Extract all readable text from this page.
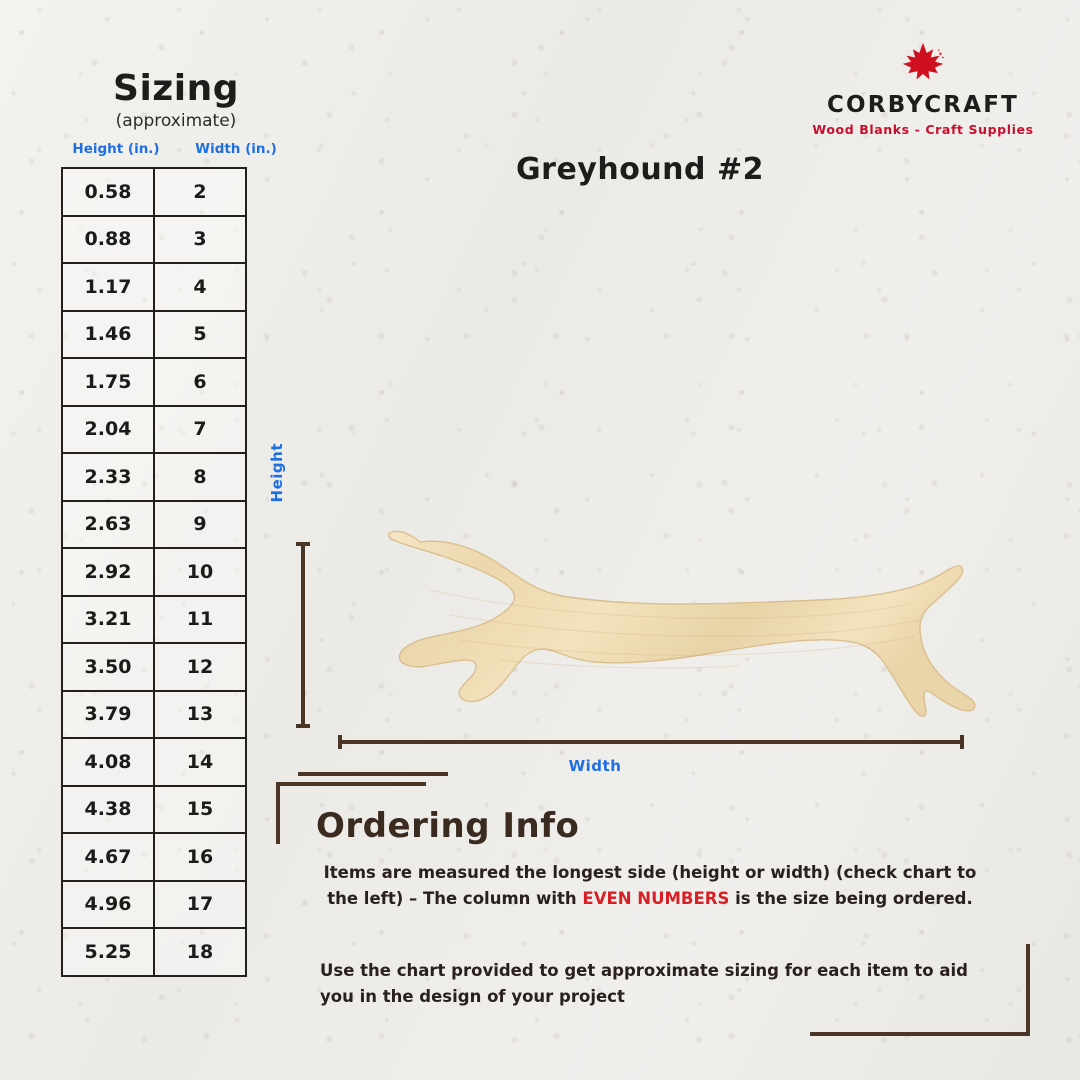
Sizing
(approximate)
Height (in.)	Width (in.)
0.58	2
0.88	3
1.17	4
1.46	5
1.75	6
2.04	7
2.33	8
2.63	9
2.92	10
3.21	11
3.50	12
3.79	13
4.08	14
4.38	15
4.67	16
4.96	17
5.25	18
CORBYCRAFT
Wood Blanks - Craft Supplies
Greyhound #2
Height
Width
Ordering Info
Items are measured the longest side (height or width) (check chart to the left) – The column with EVEN NUMBERS is the size being ordered.
Use the chart provided to get approximate sizing for each item to aid you in the design of your project
